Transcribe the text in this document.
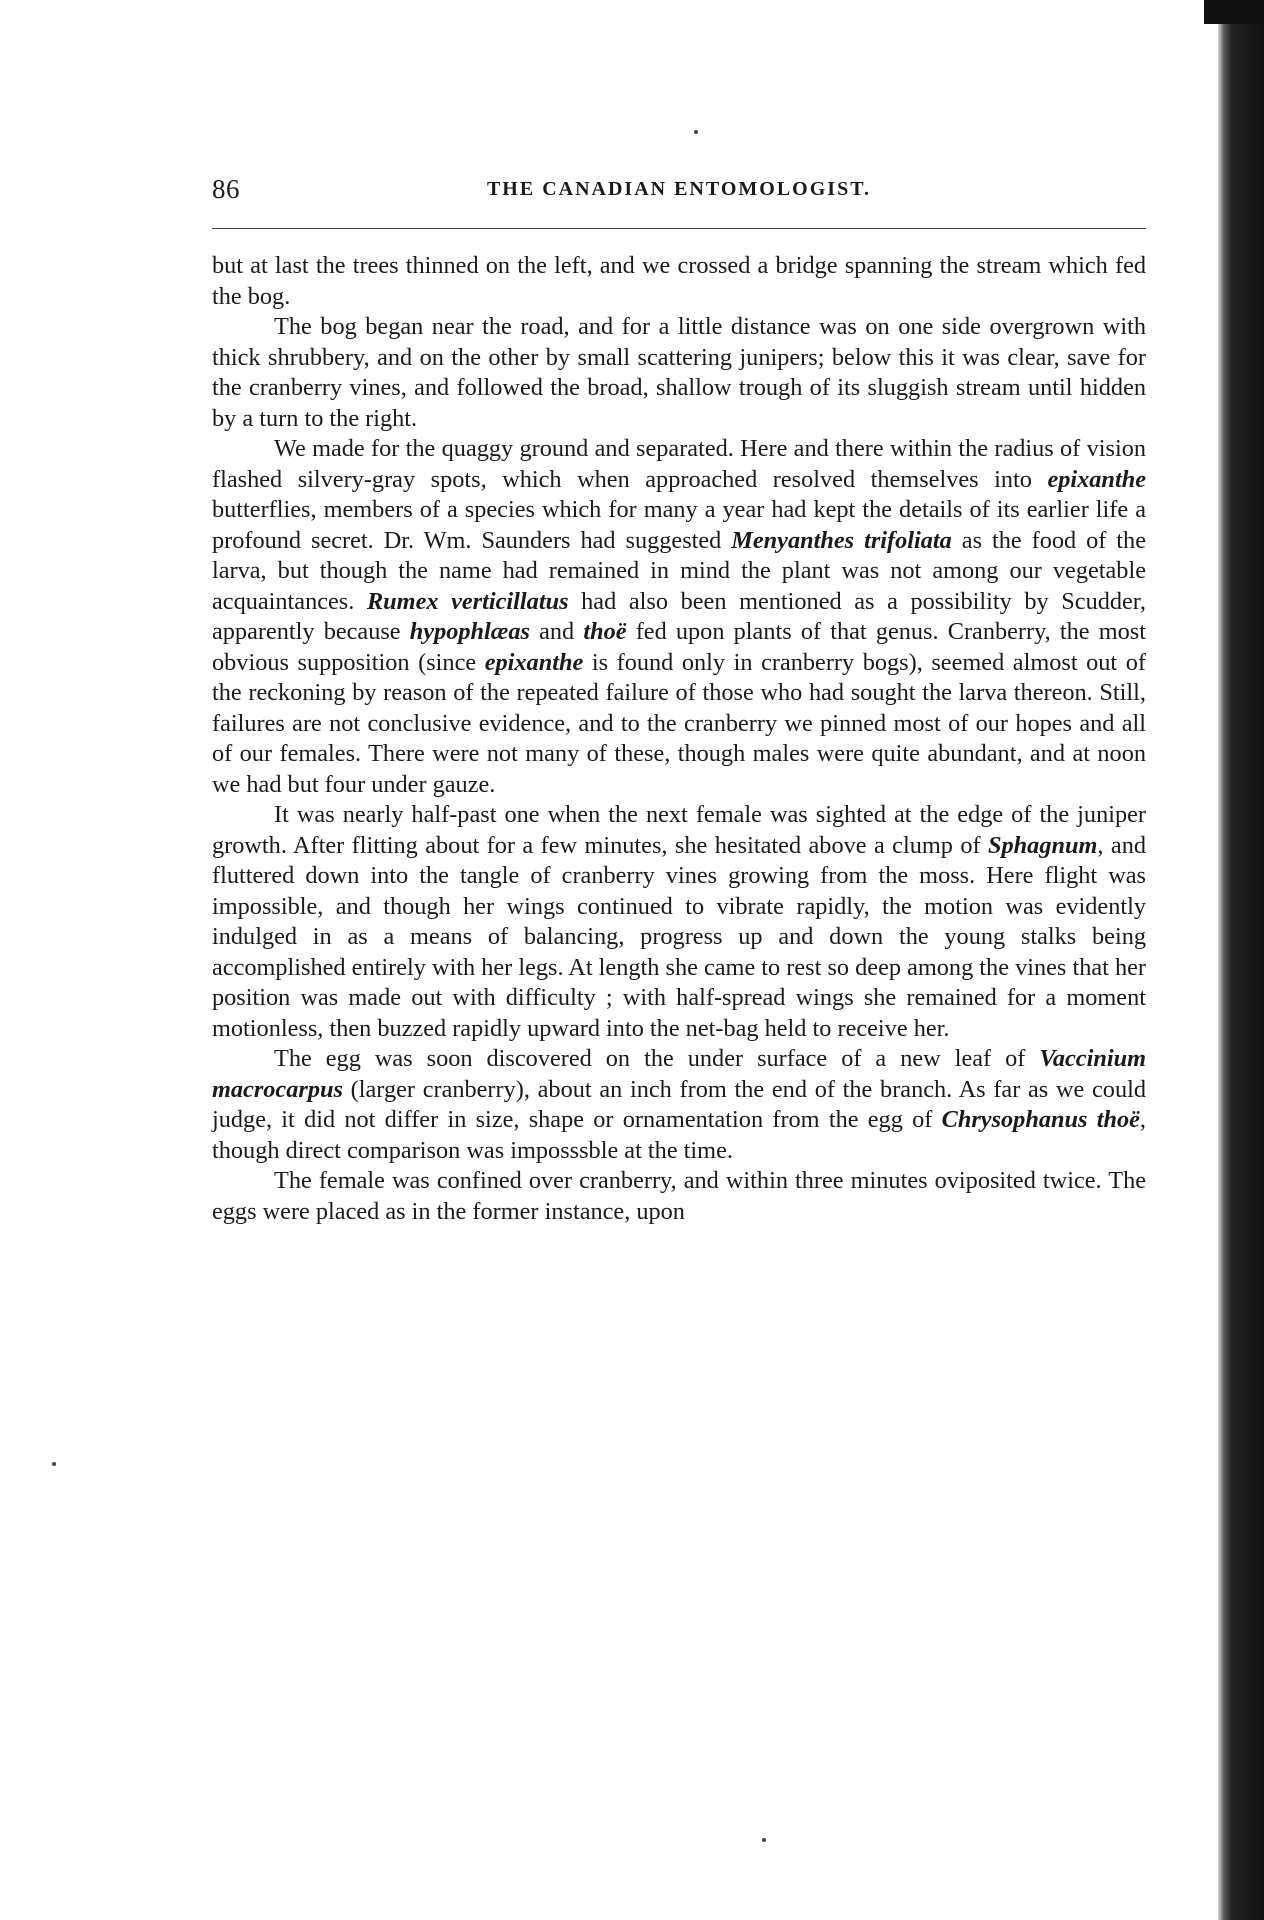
86	THE CANADIAN ENTOMOLOGIST.

but at last the trees thinned on the left, and we crossed a bridge spanning the stream which fed the bog.

The bog began near the road, and for a little distance was on one side overgrown with thick shrubbery, and on the other by small scattering junipers; below this it was clear, save for the cranberry vines, and followed the broad, shallow trough of its sluggish stream until hidden by a turn to the right.

We made for the quaggy ground and separated. Here and there within the radius of vision flashed silvery-gray spots, which when approached resolved themselves into epixanthe butterflies, members of a species which for many a year had kept the details of its earlier life a profound secret. Dr. Wm. Saunders had suggested Menyanthes trifoliata as the food of the larva, but though the name had remained in mind the plant was not among our vegetable acquaintances. Rumex verticillatus had also been mentioned as a possibility by Scudder, apparently because hypophlæas and thoë fed upon plants of that genus. Cranberry, the most obvious supposition (since epixanthe is found only in cranberry bogs), seemed almost out of the reckoning by reason of the repeated failure of those who had sought the larva thereon. Still, failures are not conclusive evidence, and to the cranberry we pinned most of our hopes and all of our females. There were not many of these, though males were quite abundant, and at noon we had but four under gauze.

It was nearly half-past one when the next female was sighted at the edge of the juniper growth. After flitting about for a few minutes, she hesitated above a clump of Sphagnum, and fluttered down into the tangle of cranberry vines growing from the moss. Here flight was impossible, and though her wings continued to vibrate rapidly, the motion was evidently indulged in as a means of balancing, progress up and down the young stalks being accomplished entirely with her legs. At length she came to rest so deep among the vines that her position was made out with difficulty ; with half-spread wings she remained for a moment motionless, then buzzed rapidly upward into the net-bag held to receive her.

The egg was soon discovered on the under surface of a new leaf of Vaccinium macrocarpus (larger cranberry), about an inch from the end of the branch. As far as we could judge, it did not differ in size, shape or ornamentation from the egg of Chrysophanus thoë, though direct comparison was imposssble at the time.

The female was confined over cranberry, and within three minutes oviposited twice. The eggs were placed as in the former instance, upon
